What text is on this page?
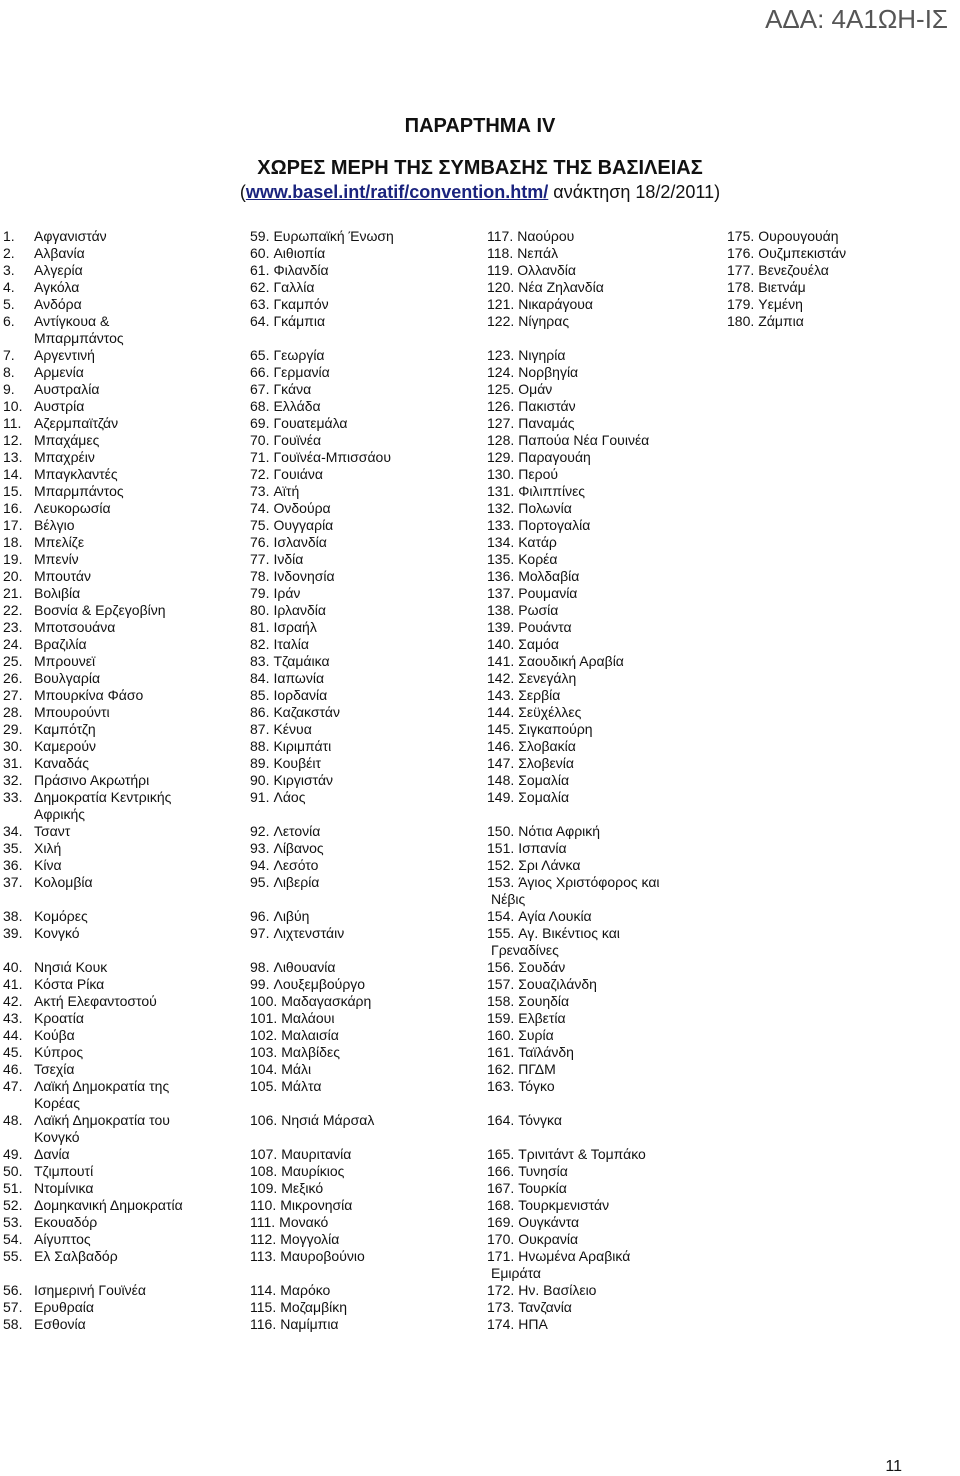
ΑΔΑ: 4Α1ΩΗ-ΙΣ
ΠΑΡΑΡΤΗΜΑ IV
ΧΩΡΕΣ ΜΕΡΗ ΤΗΣ ΣΥΜΒΑΣΗΣ ΤΗΣ ΒΑΣΙΛΕΙΑΣ
(www.basel.int/ratif/convention.htm/ ανάκτηση 18/2/2011)
1.	Αφγανιστάν
2.	Αλβανία
3.	Αλγερία
4.	Αγκόλα
5.	Ανδόρα
6.	Αντίγκουα &
Μπαρμπάντος
7.	Αργεντινή
8.	Αρμενία
9.	Αυστραλία
10. Αυστρία
11. Αζερμπαϊτζάν
12. Μπαχάμες
13. Μπαχρέιν
14. Μπαγκλαντές
15. Μπαρμπάντος
16. Λευκορωσία
17. Βέλγιο
18. Μπελίζε
19. Μπενίν
20. Μπουτάν
21. Βολιβία
22. Βοσνία & Ερζεγοβίνη
23. Μποτσουάνα
24. Βραζιλία
25. Μπρουνεϊ
26. Βουλγαρία
27. Μπουρκίνα Φάσο
28. Μπουρούντι
29. Καμπότζη
30. Καμερούν
31. Καναδάς
32. Πράσινο Ακρωτήρι
33. Δημοκρατία Κεντρικής
Αφρικής
34. Τσαντ
35. Χιλή
36. Κίνα
37. Κολομβία
38. Κομόρες
39. Κονγκό
40. Νησιά Κουκ
41. Κόστα Ρίκα
42. Ακτή Ελεφαντοστού
43. Κροατία
44. Κούβα
45. Κύπρος
46. Τσεχία
47. Λαϊκή Δημοκρατία της
Κορέας
48. Λαϊκή Δημοκρατία του
Κονγκό
49. Δανία
50. Τζιμπουτί
51. Ντομίνικα
52. Δομηκανική Δημοκρατία
53. Εκουαδόρ
54. Αίγυπτος
55. Ελ Σαλβαδόρ
56. Ισημερινή Γουϊνέα
57. Ερυθραία
58. Εσθονία
59. Ευρωπαϊκή Ένωση
60. Αιθιοπία
61. Φιλανδία
62. Γαλλία
63. Γκαμπόν
64. Γκάμπια
65. Γεωργία
66. Γερμανία
67. Γκάνα
68. Ελλάδα
69. Γουατεμάλα
70. Γουϊνέα
71. Γουϊνέα-Μπισσάου
72. Γουιάνα
73. Αϊτή
74. Ονδούρα
75. Ουγγαρία
76. Ισλανδία
77. Ινδία
78. Ινδονησία
79. Ιράν
80. Ιρλανδία
81. Ισραήλ
82. Ιταλία
83. Τζαμάικα
84. Ιαπωνία
85. Ιορδανία
86. Καζακστάν
87. Κένυα
88. Κιριμπάτι
89. Κουβέιτ
90. Κιργιστάν
91. Λάος
92. Λετονία
93. Λίβανος
94. Λεσότο
95. Λιβερία
96. Λιβύη
97. Λιχτενστάιν
98. Λιθουανία
99. Λουξεμβούργο
100. Μαδαγασκάρη
101. Μαλάουι
102. Μαλαισία
103. Μαλβίδες
104. Μάλι
105. Μάλτα
106. Νησιά Μάρσαλ
107. Μαυριτανία
108. Μαυρίκιος
109. Μεξικό
110. Μικρονησία
111. Μονακό
112. Μογγολία
113. Μαυροβούνιο
114. Μαρόκο
115. Μοζαμβίκη
116. Ναμίμπια
117. Ναούρου
118. Νεπάλ
119. Ολλανδία
120. Νέα Ζηλανδία
121. Νικαράγουα
122. Νίγηρας
123. Νιγηρία
124. Νορβηγία
125. Ομάν
126. Πακιστάν
127. Παναμάς
128. Παπούα Νέα Γουινέα
129. Παραγουάη
130. Περού
131. Φιλιππίνες
132. Πολωνία
133. Πορτογαλία
134. Κατάρ
135. Κορέα
136. Μολδαβία
137. Ρουμανία
138. Ρωσία
139. Ρουάντα
140. Σαμόα
141. Σαουδική Αραβία
142. Σενεγάλη
143. Σερβία
144. Σεϋχέλλες
145. Σιγκαπούρη
146. Σλοβακία
147. Σλοβενία
148. Σομαλία
149. Σομαλία
150. Νότια Αφρική
151. Ισπανία
152. Σρι Λάνκα
153. Άγιος Χριστόφορος και
Νέβις
154. Αγία Λουκία
155. Αγ. Βικέντιος και
Γρεναδίνες
156. Σουδάν
157. Σουαζιλάνδη
158. Σουηδία
159. Ελβετία
160. Συρία
161. Ταϊλάνδη
162. ΠΓΔΜ
163. Τόγκο
164. Τόνγκα
165. Τρινιτάντ & Τομπάκο
166. Τυνησία
167. Τουρκία
168. Τουρκμενιστάν
169. Ουγκάντα
170. Ουκρανία
171. Ηνωμένα Αραβικά
Εμιράτα
172. Ην. Βασίλειο
173. Τανζανία
174. ΗΠΑ
175. Ουρουγουάη
176. Ουζμπεκιστάν
177. Βενεζουέλα
178. Βιετνάμ
179. Υεμένη
180. Ζάμπια
11
